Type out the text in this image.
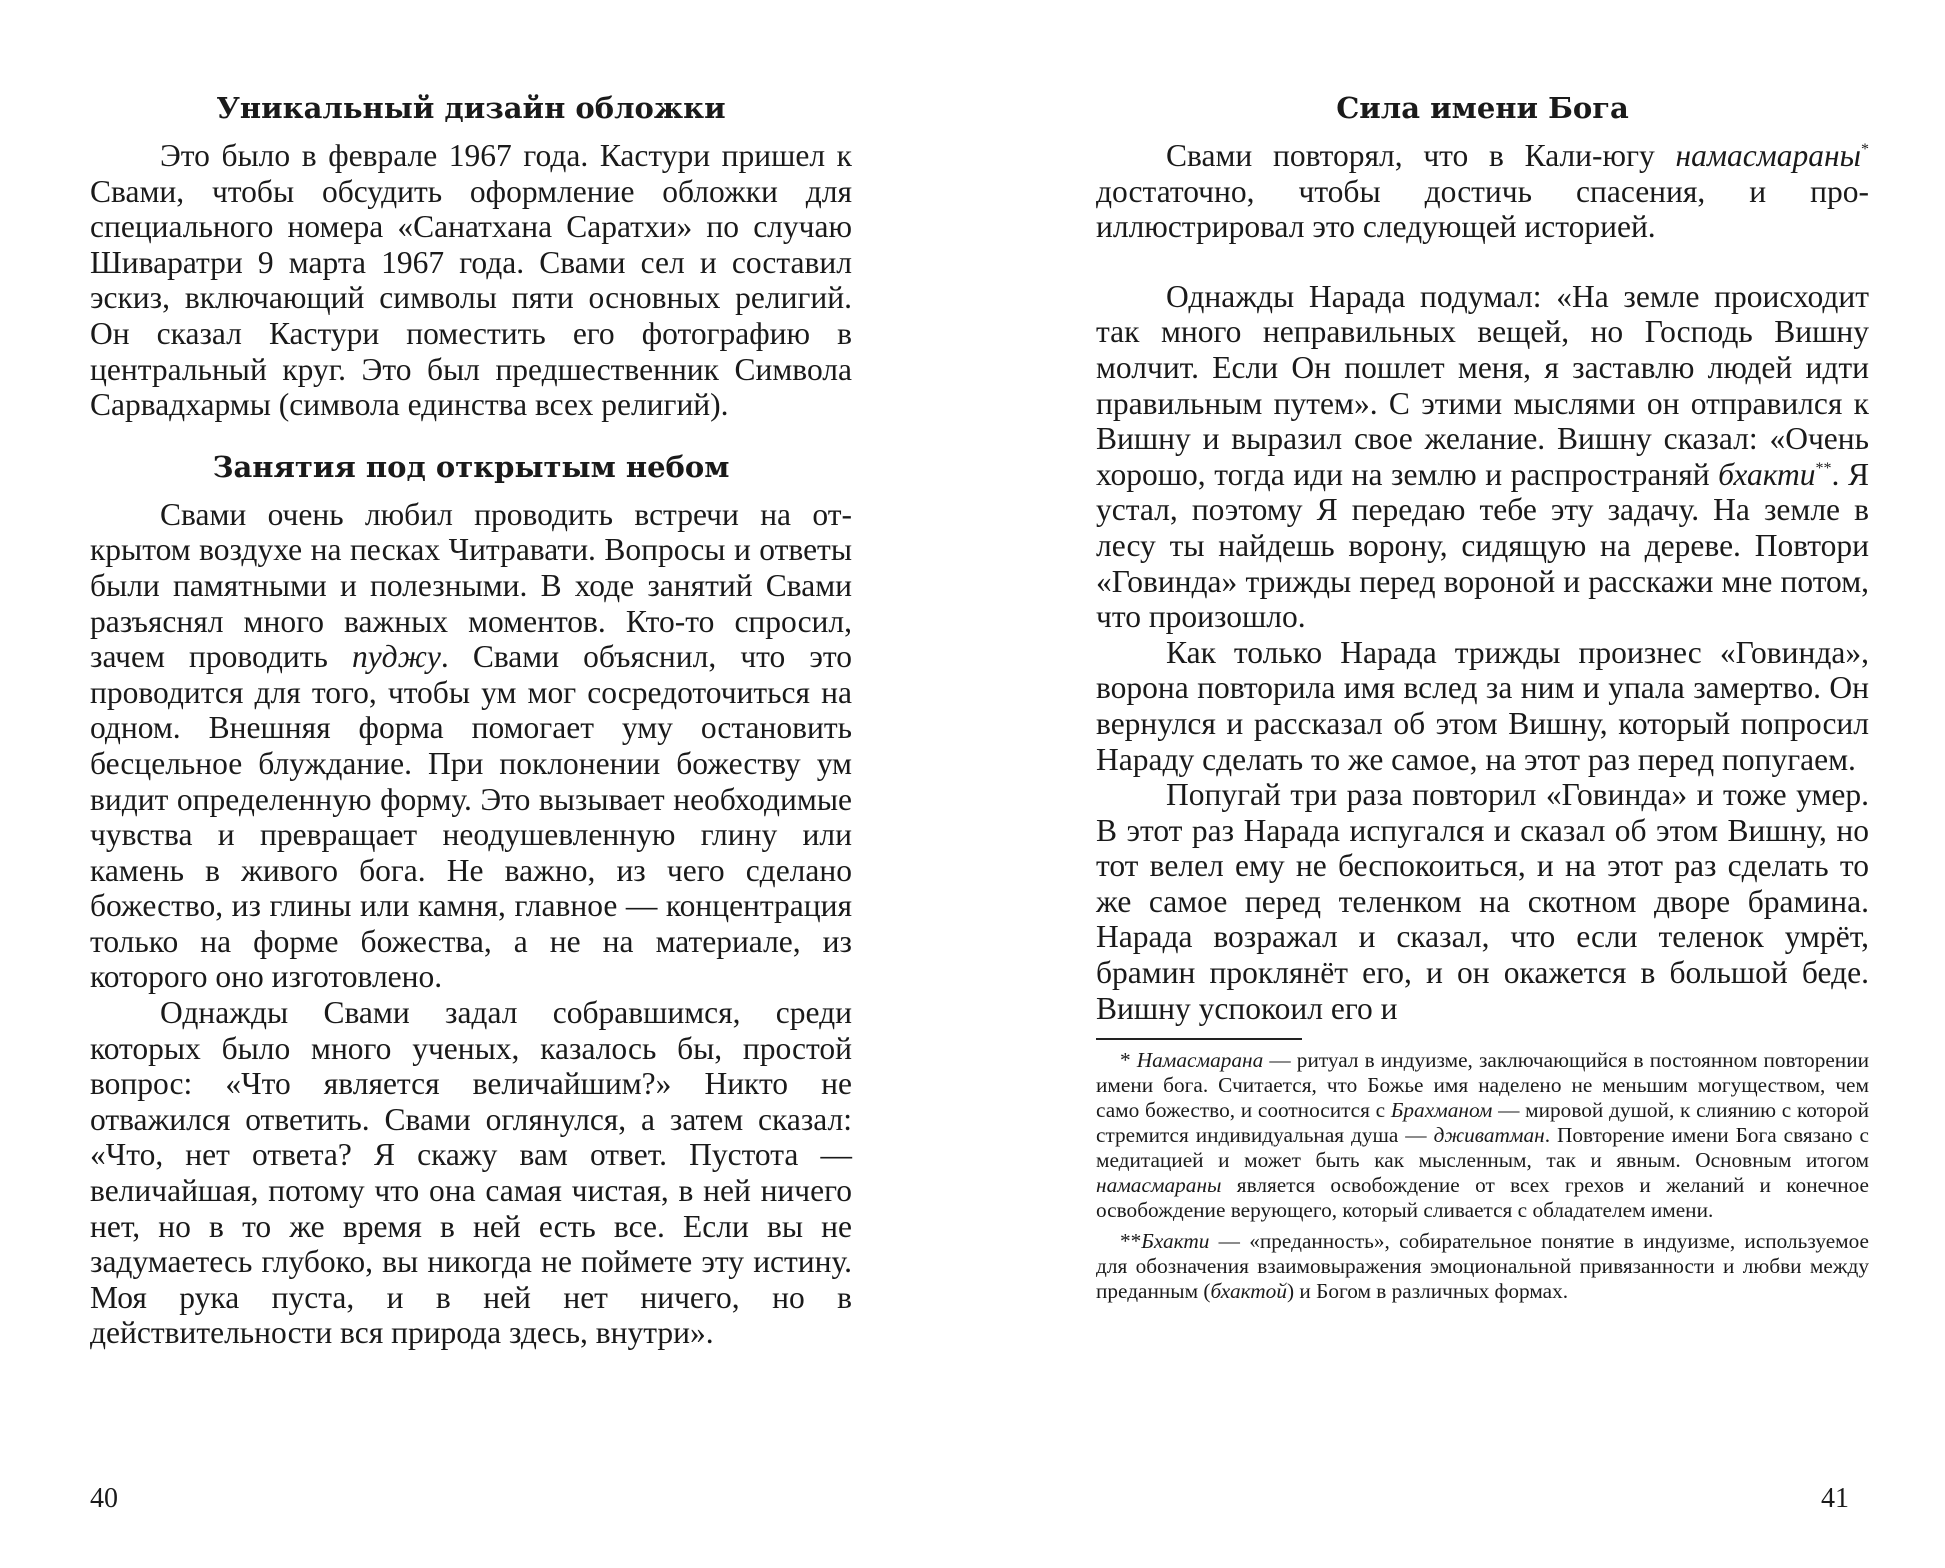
Уникальный дизайн обложки

Это было в феврале 1967 года. Кастури пришел к Свами, чтобы обсудить оформление обложки для специального номера «Санатхана Саратхи» по случаю Шиваратри 9 марта 1967 года. Свами сел и составил эскиз, включающий символы пяти основных религий. Он сказал Кастури поместить его фотографию в центральный круг. Это был предшественник Символа Сарвадхармы (символа единства всех религий).

Занятия под открытым небом

Свами очень любил проводить встречи на открытом воздухе на песках Читравати. Вопросы и ответы были памятными и полезными. В ходе занятий Свами разъяснял много важных моментов. Кто-то спросил, зачем проводить пуджу. Свами объяснил, что это проводится для того, чтобы ум мог сосредоточиться на одном. Внешняя форма помогает уму остановить бесцельное блуждание. При поклонении божеству ум видит определенную форму. Это вызывает необходимые чувства и превращает неодушевленную глину или камень в живого бога. Не важно, из чего сделано божество, из глины или камня, главное — концентрация только на форме божества, а не на материале, из которого оно изготовлено.

Однажды Свами задал собравшимся, среди которых было много ученых, казалось бы, простой вопрос: «Что является величайшим?» Никто не отважился ответить. Свами оглянулся, а затем сказал: «Что, нет ответа? Я скажу вам ответ. Пустота — величайшая, потому что она самая чистая, в ней ничего нет, но в то же время в ней есть все. Если вы не задумаетесь глубоко, вы никогда не поймете эту истину. Моя рука пуста, и в ней нет ничего, но в действительности вся природа здесь, внутри».

40
Сила имени Бога

Свами повторял, что в Кали-югу намасмараны* достаточно, чтобы достичь спасения, и проиллюстрировал это следующей историей.

Однажды Нарада подумал: «На земле происходит так много неправильных вещей, но Господь Вишну молчит. Если Он пошлет меня, я заставлю людей идти правильным путем». С этими мыслями он отправился к Вишну и выразил свое желание. Вишну сказал: «Очень хорошо, тогда иди на землю и распространяй бхакти**. Я устал, поэтому Я передаю тебе эту задачу. На земле в лесу ты найдешь ворону, сидящую на дереве. Повтори «Говинда» трижды перед вороной и расскажи мне потом, что произошло.

Как только Нарада трижды произнес «Говинда», ворона повторила имя вслед за ним и упала замертво. Он вернулся и рассказал об этом Вишну, который попросил Нараду сделать то же самое, на этот раз перед попугаем.

Попугай три раза повторил «Говинда» и тоже умер. В этот раз Нарада испугался и сказал об этом Вишну, но тот велел ему не беспокоиться, и на этот раз сделать то же самое перед теленком на скотном дворе брамина. Нарада возражал и сказал, что если теленок умрёт, брамин проклянёт его, и он окажется в большой беде. Вишну успокоил его и

* Намасмарана — ритуал в индуизме, заключающийся в постоянном повторении имени бога. Считается, что Божье имя наделено не меньшим могуществом, чем само божество, и соотносится с Брахманом — мировой душой, к слиянию с которой стремится индивидуальная душа — дживатман. Повторение имени Бога связано с медитацией и может быть как мысленным, так и явным. Основным итогом намасмараны является освобождение от всех грехов и желаний и конечное освобождение верующего, который сливается с обладателем имени.

**Бхакти — «преданность», собирательное понятие в индуизме, используемое для обозначения взаимовыражения эмоциональной привязанности и любви между преданным (бхактой) и Богом в различных формах.

41
